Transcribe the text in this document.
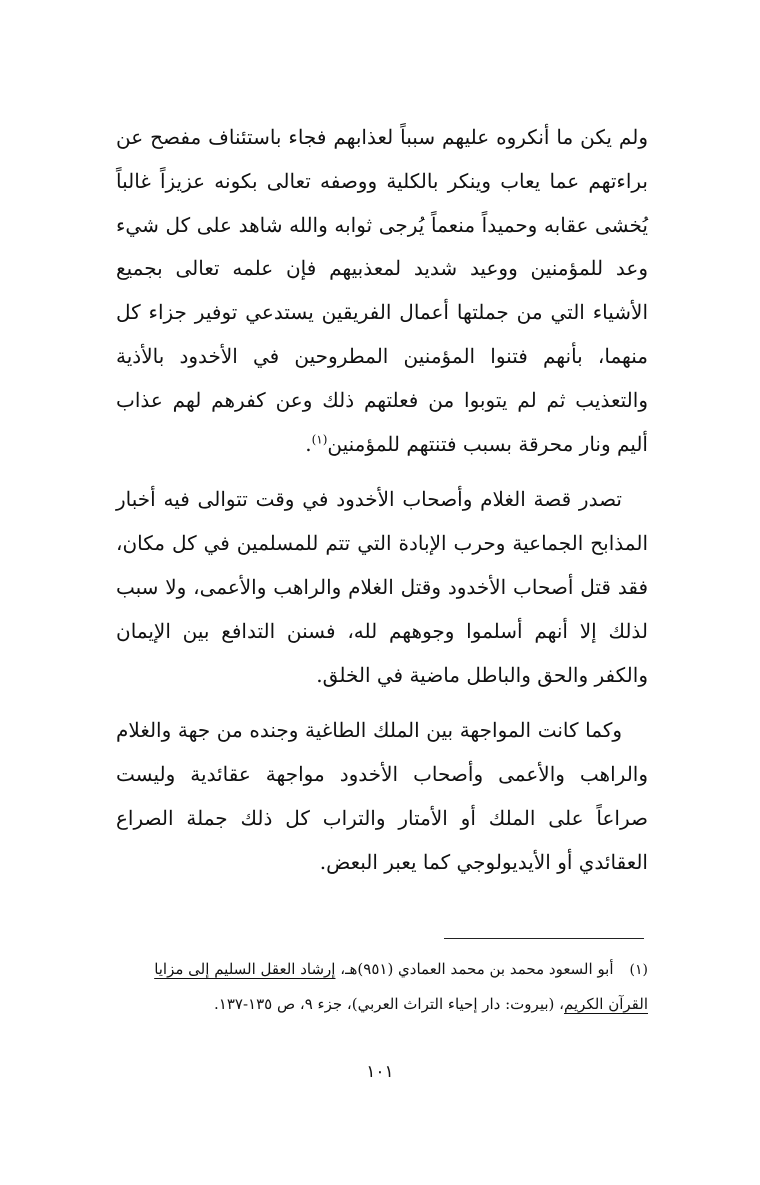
ولم يكن ما أنكروه عليهم سبباً لعذابهم فجاء باستئناف مفصح عن براءتهم عما يعاب وينكر بالكلية ووصفه تعالى بكونه عزيزاً غالباً يُخشى عقابه وحميداً منعماً يُرجى ثوابه والله شاهد على كل شيء وعد للمؤمنين ووعيد شديد لمعذبيهم فإن علمه تعالى بجميع الأشياء التي من جملتها أعمال الفريقين يستدعي توفير جزاء كل منهما، بأنهم فتنوا المؤمنين المطروحين في الأخدود بالأذية والتعذيب ثم لم يتوبوا من فعلتهم ذلك وعن كفرهم لهم عذاب أليم ونار محرقة بسبب فتنتهم للمؤمنين$^{(١)}$.

تصدر قصة الغلام وأصحاب الأخدود في وقت تتوالى فيه أخبار المذابح الجماعية وحرب الإبادة التي تتم للمسلمين في كل مكان، فقد قتل أصحاب الأخدود وقتل الغلام والراهب والأعمى، ولا سبب لذلك إلا أنهم أسلموا وجوههم لله، فسنن التدافع بين الإيمان والكفر والحق والباطل ماضية في الخلق.

وكما كانت المواجهة بين الملك الطاغية وجنده من جهة والغلام والراهب والأعمى وأصحاب الأخدود مواجهة عقائدية وليست صراعاً على الملك أو الأمتار والتراب كل ذلك جملة الصراع العقائدي أو الأيديولوجي كما يعبر البعض.

(١)أبو السعود محمد بن محمد العمادي (٩٥١)هـ، إرشاد العقل السليم إلى مزايا القرآن الكريم، (بيروت: دار إحياء التراث العربي)، جزء ٩، ص ١٣٥-١٣٧.
١٠١
